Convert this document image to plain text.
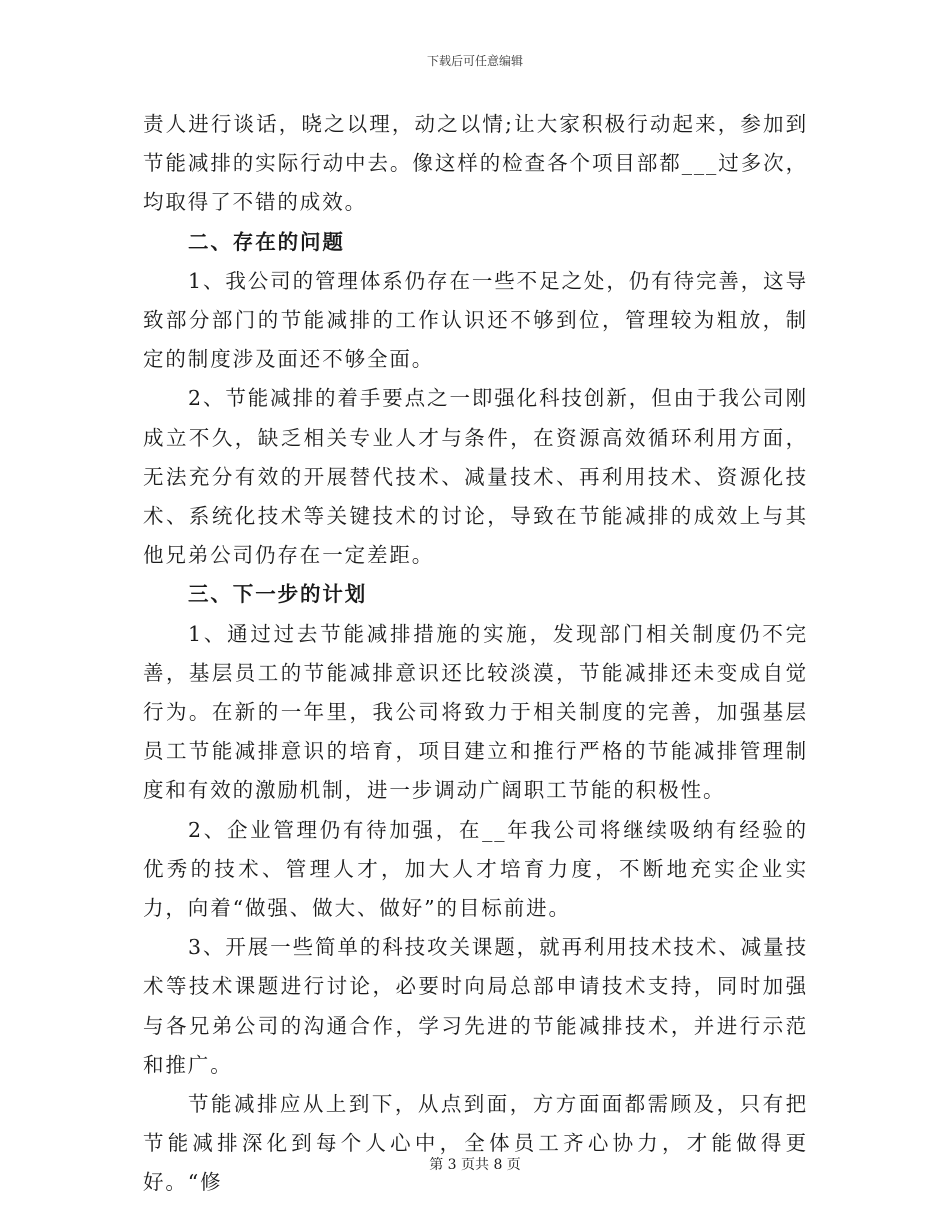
下载后可任意编辑

责人进行谈话，晓之以理，动之以情;让大家积极行动起来，参加到节能减排的实际行动中去。像这样的检查各个项目部都___过多次，均取得了不错的成效。

二、存在的问题

1、我公司的管理体系仍存在一些不足之处，仍有待完善，这导致部分部门的节能减排的工作认识还不够到位，管理较为粗放，制定的制度涉及面还不够全面。

2、节能减排的着手要点之一即强化科技创新，但由于我公司刚成立不久，缺乏相关专业人才与条件，在资源高效循环利用方面，无法充分有效的开展替代技术、减量技术、再利用技术、资源化技术、系统化技术等关键技术的讨论，导致在节能减排的成效上与其他兄弟公司仍存在一定差距。

三、下一步的计划

1、通过过去节能减排措施的实施，发现部门相关制度仍不完善，基层员工的节能减排意识还比较淡漠，节能减排还未变成自觉行为。在新的一年里，我公司将致力于相关制度的完善，加强基层员工节能减排意识的培育，项目建立和推行严格的节能减排管理制度和有效的激励机制，进一步调动广阔职工节能的积极性。

2、企业管理仍有待加强，在__年我公司将继续吸纳有经验的优秀的技术、管理人才，加大人才培育力度，不断地充实企业实力，向着“做强、做大、做好”的目标前进。

3、开展一些简单的科技攻关课题，就再利用技术技术、减量技术等技术课题进行讨论，必要时向局总部申请技术支持，同时加强与各兄弟公司的沟通合作，学习先进的节能减排技术，并进行示范和推广。

节能减排应从上到下，从点到面，方方面面都需顾及，只有把节能减排深化到每个人心中，全体员工齐心协力，才能做得更好。“修

第 3 页共 8 页
